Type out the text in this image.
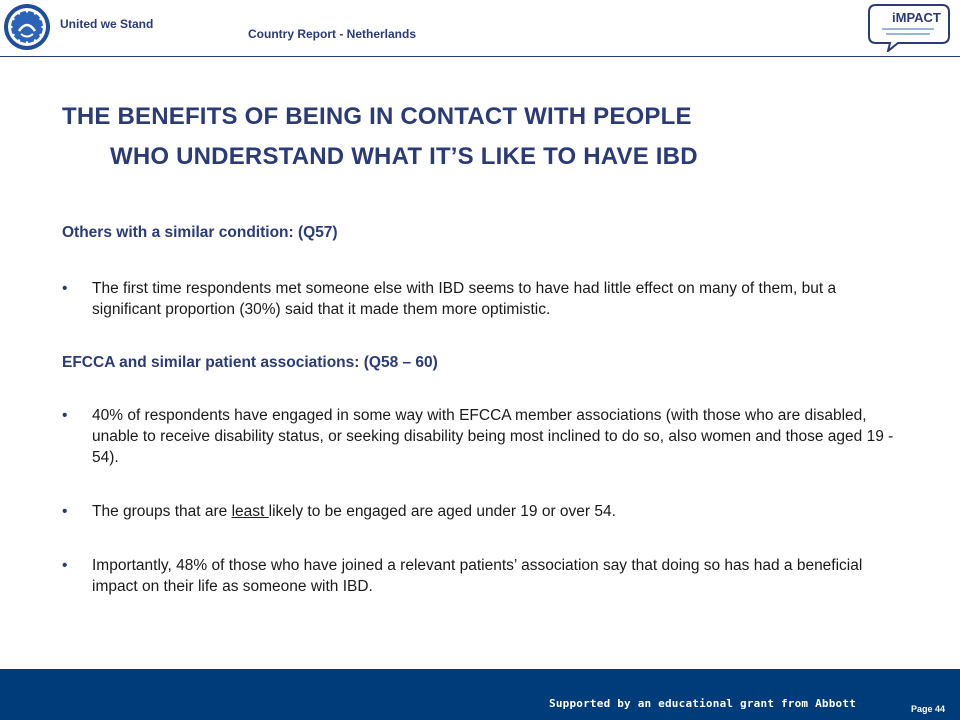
United we Stand
Country Report - Netherlands
iMPACT
THE BENEFITS OF BEING IN CONTACT WITH PEOPLE
WHO UNDERSTAND WHAT IT’S LIKE TO HAVE IBD
Others with a similar condition: (Q57)
•	The first time respondents met someone else with IBD seems to have had little effect on many of them, but a significant proportion (30%) said that it made them more optimistic.
EFCCA and similar patient associations: (Q58 – 60)
•	40% of respondents have engaged in some way with EFCCA member associations (with those who are disabled, unable to receive disability status, or seeking disability being most inclined to do so, also women and those aged 19 - 54).
•	The groups that are least likely to be engaged are aged under 19 or over 54.
•	Importantly, 48% of those who have joined a relevant patients’ association say that doing so has had a beneficial impact on their life as someone with IBD.
Supported by an educational grant from Abbott	Page 44
